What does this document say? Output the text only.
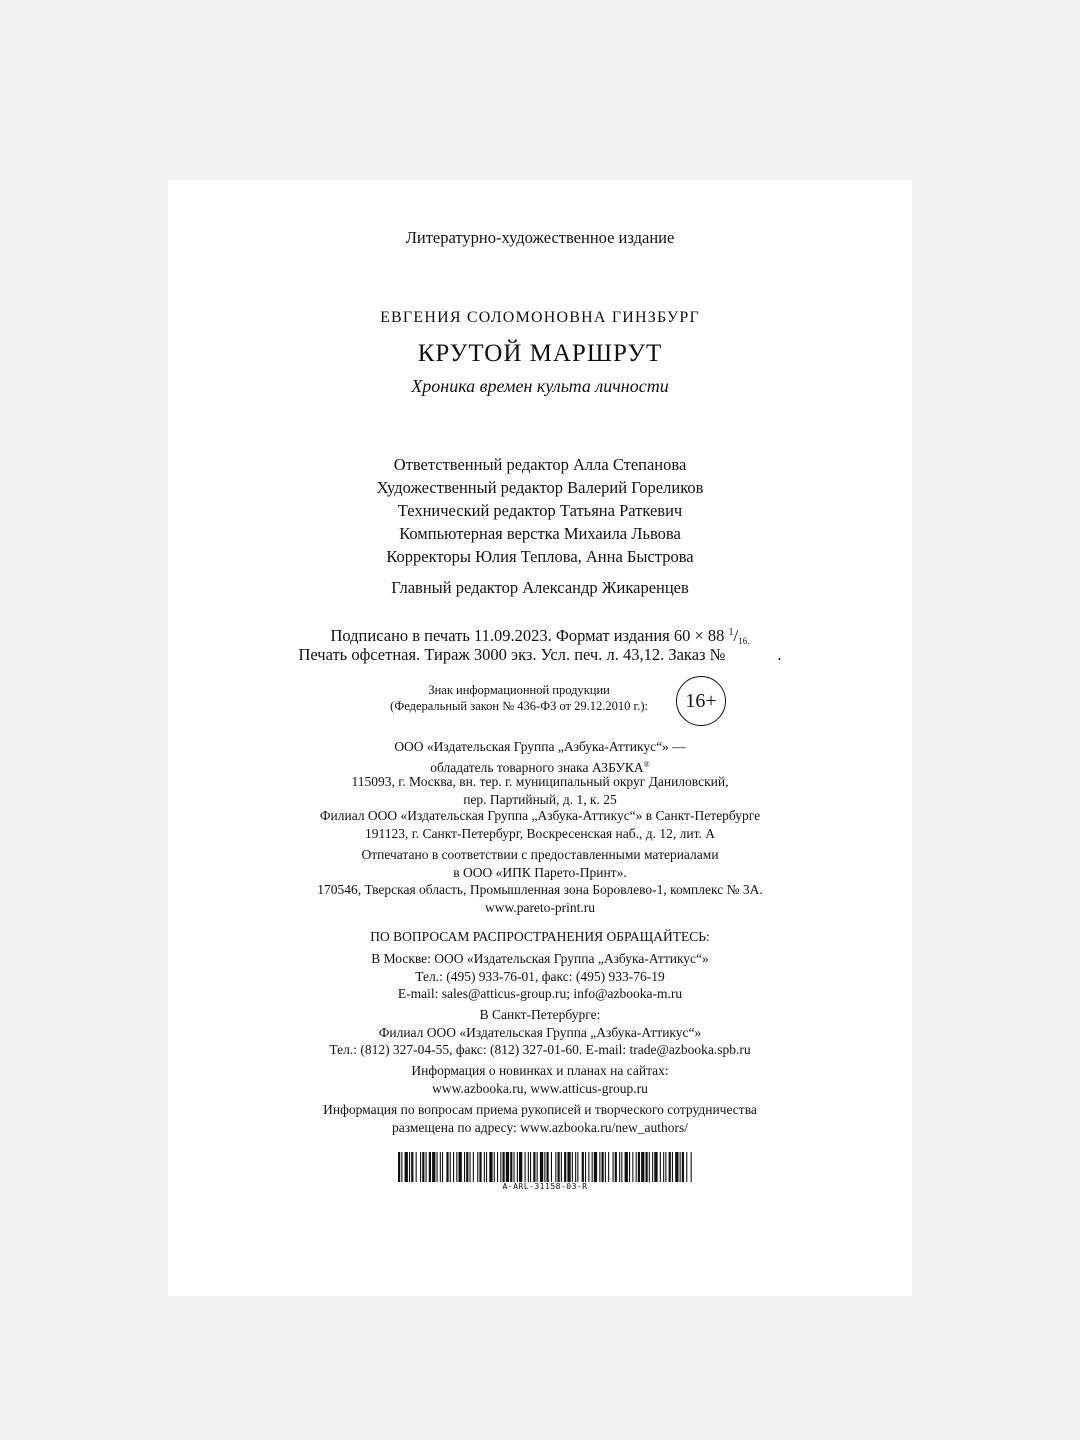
Литературно-художественное издание
ЕВГЕНИЯ СОЛОМОНОВНА ГИНЗБУРГ
КРУТОЙ МАРШРУТ
Хроника времен культа личности
Ответственный редактор Алла Степанова
Художественный редактор Валерий Гореликов
Технический редактор Татьяна Раткевич
Компьютерная верстка Михаила Львова
Корректоры Юлия Теплова, Анна Быстрова
Главный редактор Александр Жикаренцев
Подписано в печать 11.09.2023. Формат издания 60 × 88 $^1/_{16.}$
Печать офсетная. Тираж 3000 экз. Усл. печ. л. 43,12. Заказ №	.
Знак информационной продукции
(Федеральный закон № 436-ФЗ от 29.12.2010 г.):	16+
ООО «Издательская Группа „Азбука-Аттикус“» —
обладатель товарного знака АЗБУКА®
115093, г. Москва, вн. тер. г. муниципальный округ Даниловский,
пер. Партийный, д. 1, к. 25
Филиал ООО «Издательская Группа „Азбука-Аттикус“» в Санкт-Петербурге
191123, г. Санкт-Петербург, Воскресенская наб., д. 12, лит. А
Отпечатано в соответствии с предоставленными материалами
в ООО «ИПК Парето-Принт».
170546, Тверская область, Промышленная зона Боровлево-1, комплекс № 3А.
www.pareto-print.ru
ПО ВОПРОСАМ РАСПРОСТРАНЕНИЯ ОБРАЩАЙТЕСЬ:
В Москве: ООО «Издательская Группа „Азбука-Аттикус“»
Тел.: (495) 933-76-01, факс: (495) 933-76-19
E-mail: sales@atticus-group.ru; info@azbooka-m.ru
В Санкт-Петербурге:
Филиал ООО «Издательская Группа „Азбука-Аттикус“»
Тел.: (812) 327-04-55, факс: (812) 327-01-60. E-mail: trade@azbooka.spb.ru
Информация о новинках и планах на сайтах:
www.azbooka.ru, www.atticus-group.ru
Информация по вопросам приема рукописей и творческого сотрудничества
размещена по адресу: www.azbooka.ru/new_authors/
A-ARL-31158-03-R
